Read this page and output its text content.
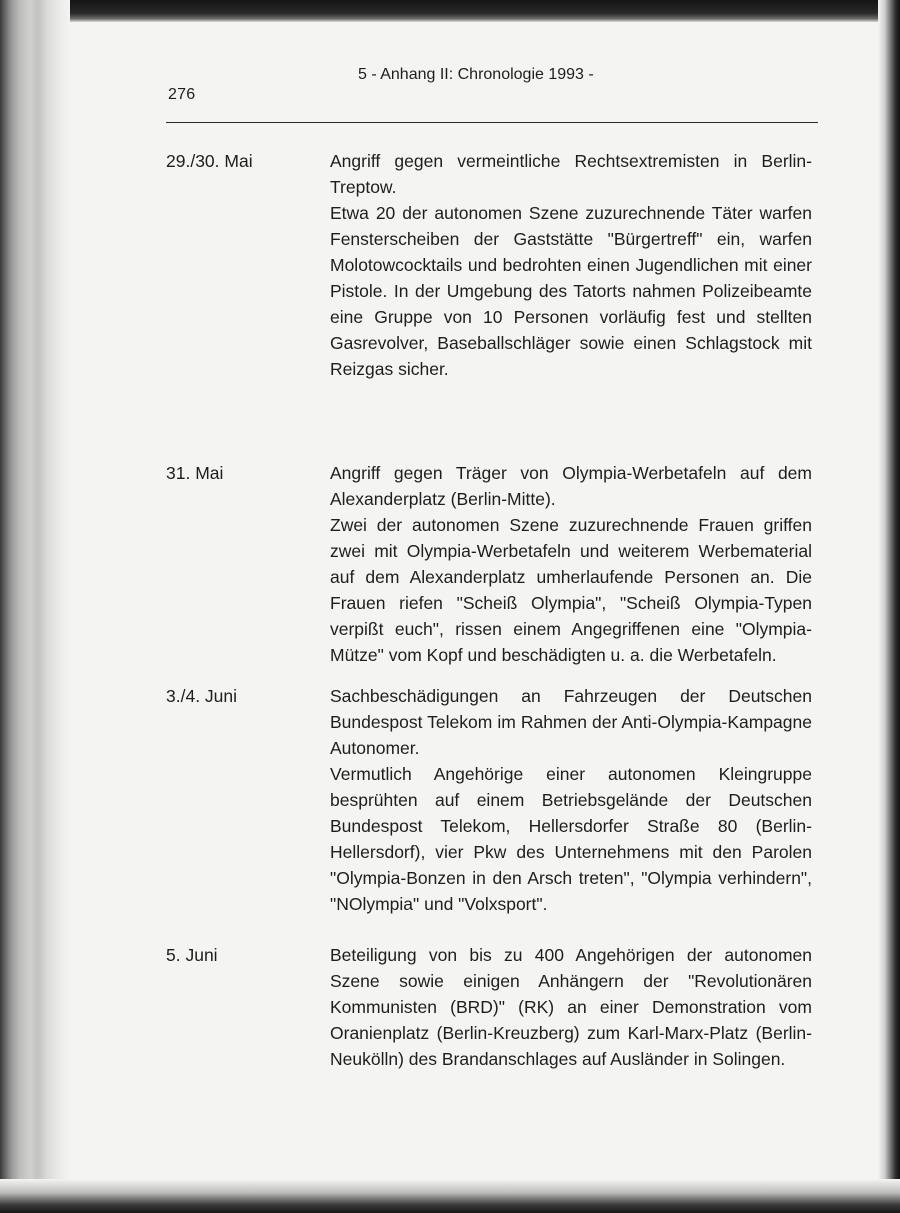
276
5 - Anhang II: Chronologie 1993 -
29./30. Mai	Angriff gegen vermeintliche Rechtsextremisten in Berlin-Treptow.

Etwa 20 der autonomen Szene zuzurechnende Täter warfen Fensterscheiben der Gaststätte "Bürgertreff" ein, warfen Molotowcocktails und bedrohten einen Jugendlichen mit einer Pistole. In der Umgebung des Tatorts nahmen Polizeibeamte eine Gruppe von 10 Personen vorläufig fest und stellten Gasrevolver, Baseballschläger sowie einen Schlagstock mit Reizgas sicher.

31. Mai	Angriff gegen Träger von Olympia-Werbetafeln auf dem Alexanderplatz (Berlin-Mitte).

Zwei der autonomen Szene zuzurechnende Frauen griffen zwei mit Olympia-Werbetafeln und weiterem Werbematerial auf dem Alexanderplatz umherlaufende Personen an. Die Frauen riefen "Scheiß Olympia", "Scheiß Olympia-Typen verpißt euch", rissen einem Angegriffenen eine "Olympia-Mütze" vom Kopf und beschädigten u. a. die Werbetafeln.

3./4. Juni	Sachbeschädigungen an Fahrzeugen der Deutschen Bundespost Telekom im Rahmen der Anti-Olympia-Kampagne Autonomer.

Vermutlich Angehörige einer autonomen Kleingruppe besprühten auf einem Betriebsgelände der Deutschen Bundespost Telekom, Hellersdorfer Straße 80 (Berlin-Hellersdorf), vier Pkw des Unternehmens mit den Parolen "Olympia-Bonzen in den Arsch treten", "Olympia verhindern", "NOlympia" und "Volxsport".

5. Juni	Beteiligung von bis zu 400 Angehörigen der autonomen Szene sowie einigen Anhängern der "Revolutionären Kommunisten (BRD)" (RK) an einer Demonstration vom Oranienplatz (Berlin-Kreuzberg) zum Karl-Marx-Platz (Berlin-Neukölln) des Brandanschlages auf Ausländer in Solingen.
